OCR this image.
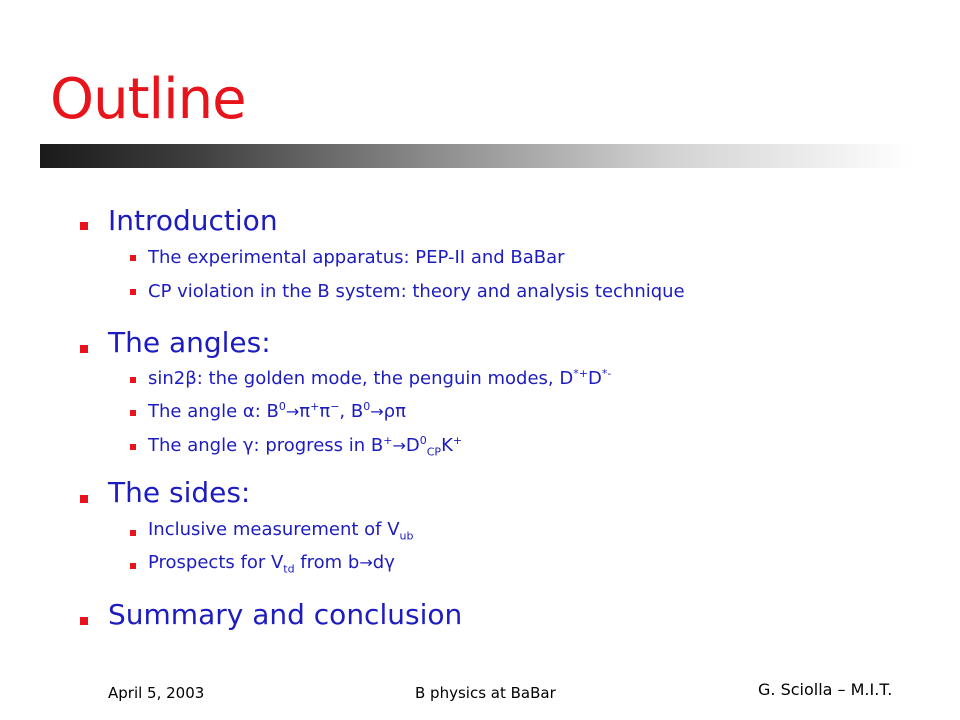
Outline
Introduction
The experimental apparatus: PEP-II and BaBar
CP violation in the B system: theory and analysis technique
The angles:
sin2β: the golden mode, the penguin modes, D*+D*-
The angle α: $B^0\to\pi^+\pi^-$, $B^0\to\rho\pi$
The angle γ: progress in $B^+\to D^0_{CP}K^+$
The sides:
Inclusive measurement of $V_{ub}$
Prospects for $V_{td}$ from b→dγ
Summary and conclusion
April 5, 2003	B physics at BaBar	G. Sciolla – M.I.T.
